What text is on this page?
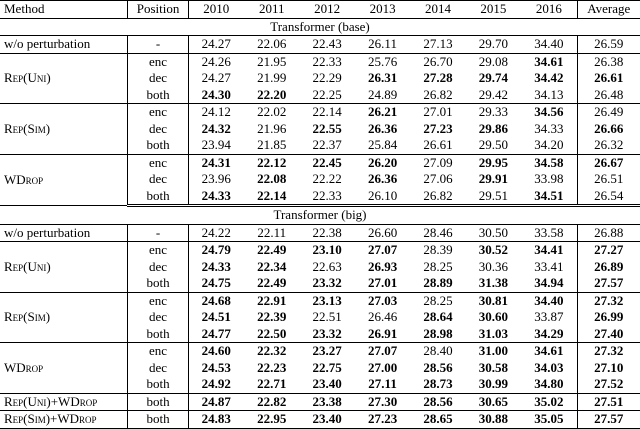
Method	Position	2010	2011	2012	2013	2014	2015	2016	Average
Transformer (base)									
w/o perturbation	-	24.27	22.06	22.43	26.11	27.13	29.70	34.40	26.59
Rep(Uni)	enc	24.26	21.95	22.33	25.76	26.70	29.08	34.61	26.38
	dec	24.27	21.99	22.29	26.31	27.28	29.74	34.42	26.61
	both	24.30	22.20	22.25	24.89	26.82	29.42	34.13	26.48
Rep(Sim)	enc	24.12	22.02	22.14	26.21	27.01	29.33	34.56	26.49
	dec	24.32	21.96	22.55	26.36	27.23	29.86	34.33	26.66
	both	23.94	21.85	22.37	25.84	26.61	29.50	34.20	26.32
WDrop	enc	24.31	22.12	22.45	26.20	27.09	29.95	34.58	26.67
	dec	23.96	22.08	22.22	26.36	27.06	29.91	33.98	26.51
	both	24.33	22.14	22.33	26.10	26.82	29.51	34.51	26.54
Transformer (big)									
w/o perturbation	-	24.22	22.11	22.38	26.60	28.46	30.50	33.58	26.88
Rep(Uni)	enc	24.79	22.49	23.10	27.07	28.39	30.52	34.41	27.27
	dec	24.33	22.34	22.63	26.93	28.25	30.36	33.41	26.89
	both	24.75	22.49	23.32	27.01	28.89	31.38	34.94	27.57
Rep(Sim)	enc	24.68	22.91	23.13	27.03	28.25	30.81	34.40	27.32
	dec	24.51	22.39	22.51	26.46	28.64	30.60	33.87	26.99
	both	24.77	22.50	23.32	26.91	28.98	31.03	34.29	27.40
WDrop	enc	24.60	22.32	23.27	27.07	28.40	31.00	34.61	27.32
	dec	24.53	22.23	22.75	27.00	28.56	30.58	34.03	27.10
	both	24.92	22.71	23.40	27.11	28.73	30.99	34.80	27.52
Rep(Uni)+WDrop	both	24.87	22.82	23.38	27.30	28.56	30.65	35.02	27.51
Rep(Sim)+WDrop	both	24.83	22.95	23.40	27.23	28.65	30.88	35.05	27.57
